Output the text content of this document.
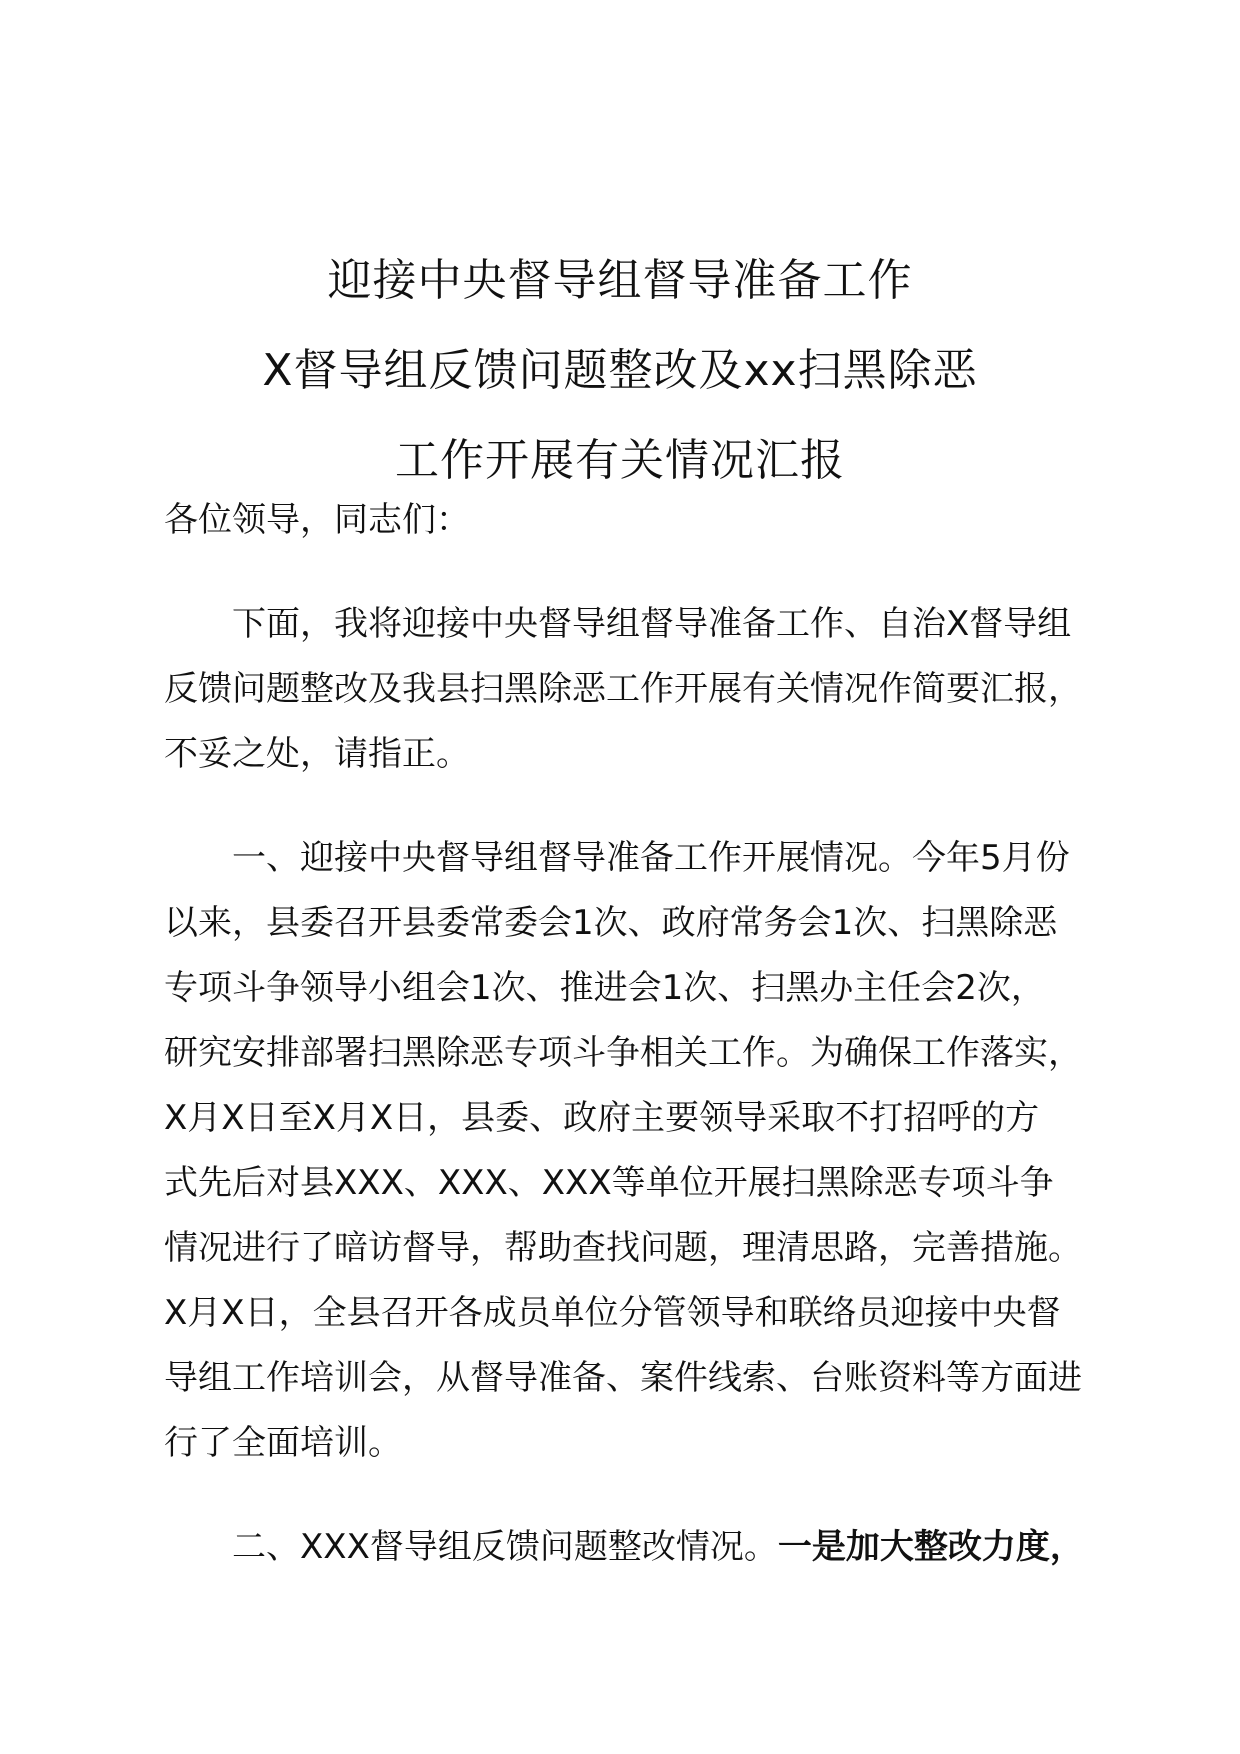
迎接中央督导组督导准备工作
X督导组反馈问题整改及xx扫黑除恶
工作开展有关情况汇报
各位领导，同志们：
下面，我将迎接中央督导组督导准备工作、自治X督导组
反馈问题整改及我县扫黑除恶工作开展有关情况作简要汇报，
不妥之处，请指正。
一、迎接中央督导组督导准备工作开展情况。今年5月份
以来，县委召开县委常委会1次、政府常务会1次、扫黑除恶
专项斗争领导小组会1次、推进会1次、扫黑办主任会2次，
研究安排部署扫黑除恶专项斗争相关工作。为确保工作落实，
X月X日至X月X日，县委、政府主要领导采取不打招呼的方
式先后对县XXX、XXX、XXX等单位开展扫黑除恶专项斗争
情况进行了暗访督导，帮助查找问题，理清思路，完善措施。
X月X日，全县召开各成员单位分管领导和联络员迎接中央督
导组工作培训会，从督导准备、案件线索、台账资料等方面进
行了全面培训。
二、XXX督导组反馈问题整改情况。一是加大整改力度，
